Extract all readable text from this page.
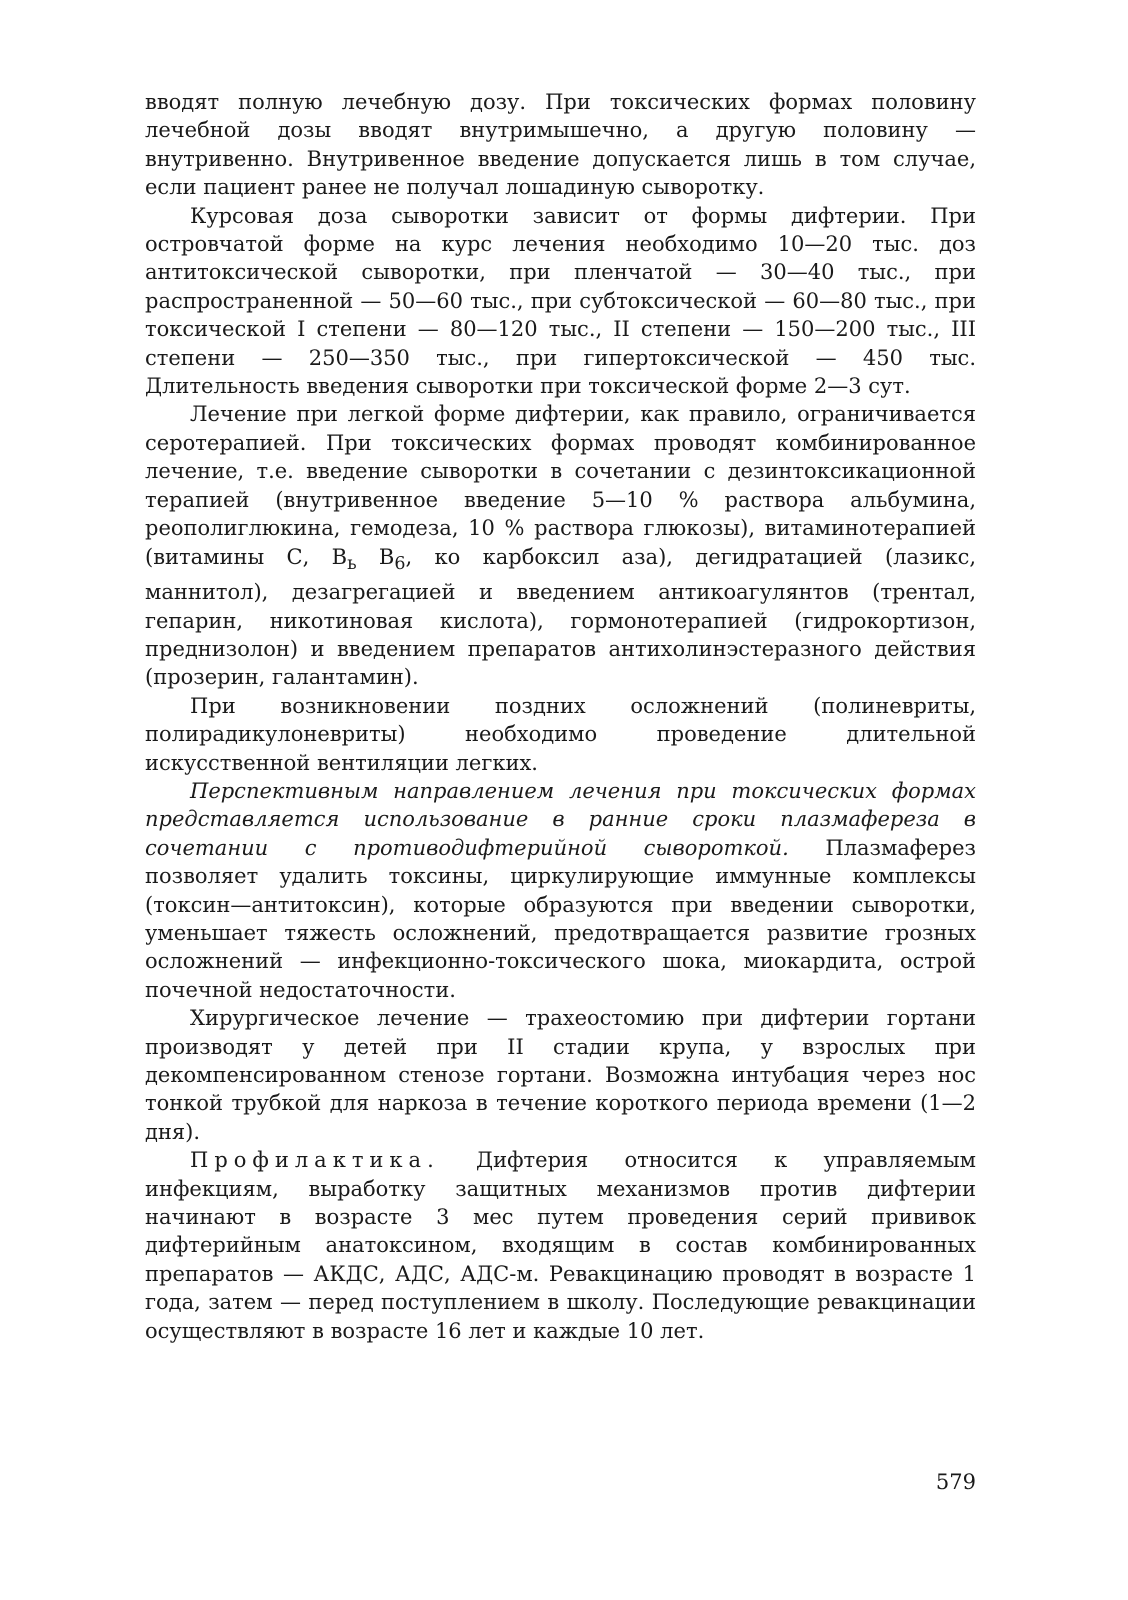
вводят полную лечебную дозу. При токсических формах половину лечебной дозы вводят внутримышечно, а другую половину — внутривенно. Внутривенное введение допускается лишь в том случае, если пациент ранее не получал лошадиную сыворотку.

Курсовая доза сыворотки зависит от формы дифтерии. При островчатой форме на курс лечения необходимо 10—20 тыс. доз антитоксической сыворотки, при пленчатой — 30—40 тыс., при распространенной — 50—60 тыс., при субтоксической — 60—80 тыс., при токсической I степени — 80—120 тыс., II степени — 150—200 тыс., III степени — 250—350 тыс., при гипертоксической — 450 тыс. Длительность введения сыворотки при токсической форме 2—3 сут.

Лечение при легкой форме дифтерии, как правило, ограничивается серотерапией. При токсических формах проводят комбинированное лечение, т.е. введение сыворотки в сочетании с дезинтоксикационной терапией (внутривенное введение 5—10 % раствора альбумина, реополиглюкина, гемодеза, 10 % раствора глюкозы), витаминотерапией (витамины С, $В_ь$ $В_6$, ко карбоксил аза), дегидратацией (лазикс, маннитол), дезагрегацией и введением антикоагулянтов (трентал, гепарин, никотиновая кислота), гормонотерапией (гидрокортизон, преднизолон) и введением препаратов антихолинэстеразного действия (прозерин, галантамин).

При возникновении поздних осложнений (полиневриты, полирадикулоневриты) необходимо проведение длительной искусственной вентиляции легких.

Перспективным направлением лечения при токсических формах представляется использование в ранние сроки плазмафереза в сочетании с противодифтерийной сывороткой. Плазмаферез позволяет удалить токсины, циркулирующие иммунные комплексы (токсин—антитоксин), которые образуются при введении сыворотки, уменьшает тяжесть осложнений, предотвращается развитие грозных осложнений — инфекционно-токсического шока, миокардита, острой почечной недостаточности.

Хирургическое лечение — трахеостомию при дифтерии гортани производят у детей при II стадии крупа, у взрослых при декомпенсированном стенозе гортани. Возможна интубация через нос тонкой трубкой для наркоза в течение короткого периода времени (1—2 дня).

Профилактика. Дифтерия относится к управляемым инфекциям, выработку защитных механизмов против дифтерии начинают в возрасте 3 мес путем проведения серий прививок дифтерийным анатоксином, входящим в состав комбинированных препаратов — АКДС, АДС, АДС-м. Ревакцинацию проводят в возрасте 1 года, затем — перед поступлением в школу. Последующие ревакцинации осуществляют в возрасте 16 лет и каждые 10 лет.

579
